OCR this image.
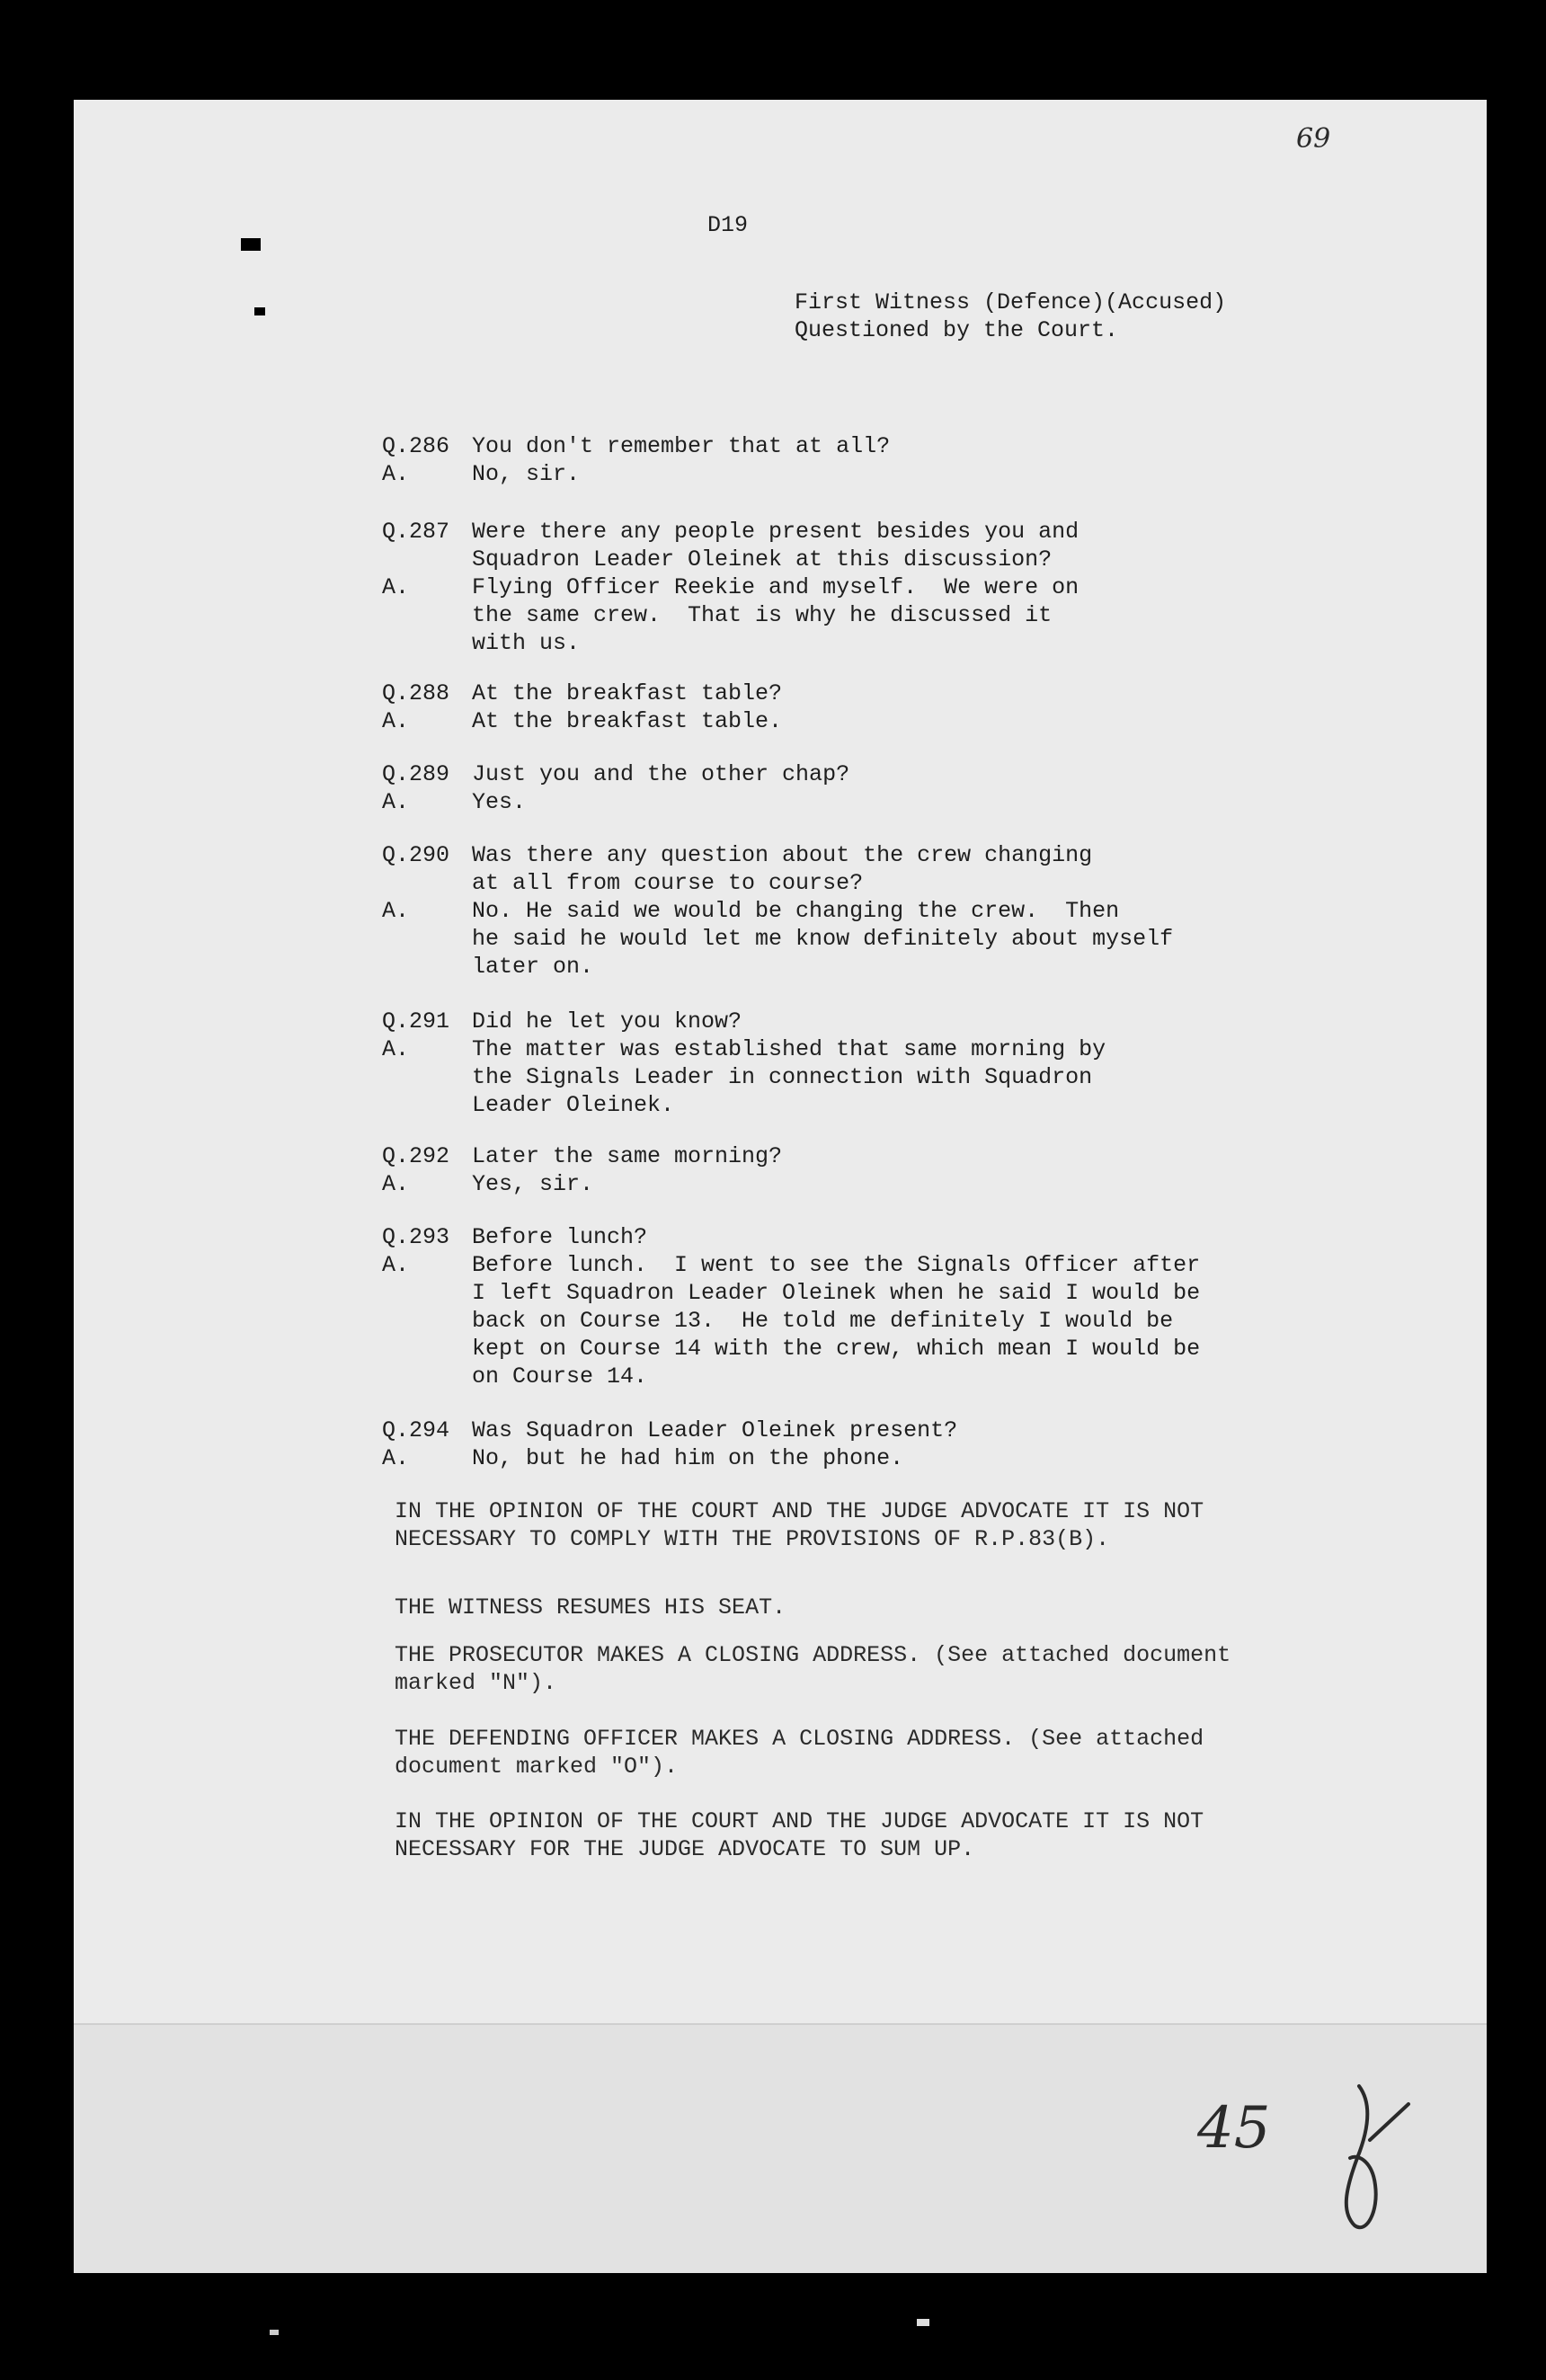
69
D19
First Witness (Defence)(Accused)
Questioned by the Court.
Q.286
A.
You don't remember that at all?
No, sir.
Q.287
A.
Were there any people present besides you and
Squadron Leader Oleinek at this discussion?
Flying Officer Reekie and myself.  We were on
the same crew.  That is why he discussed it
with us.
Q.288
A.
At the breakfast table?
At the breakfast table.
Q.289
A.
Just you and the other chap?
Yes.
Q.290
A.
Was there any question about the crew changing
at all from course to course?
No. He said we would be changing the crew.  Then
he said he would let me know definitely about myself
later on.
Q.291
A.
Did he let you know?
The matter was established that same morning by
the Signals Leader in connection with Squadron
Leader Oleinek.
Q.292
A.
Later the same morning?
Yes, sir.
Q.293
A.
Before lunch?
Before lunch.  I went to see the Signals Officer after
I left Squadron Leader Oleinek when he said I would be
back on Course 13.  He told me definitely I would be
kept on Course 14 with the crew, which mean I would be
on Course 14.
Q.294
A.
Was Squadron Leader Oleinek present?
No, but he had him on the phone.
IN THE OPINION OF THE COURT AND THE JUDGE ADVOCATE IT IS NOT
NECESSARY TO COMPLY WITH THE PROVISIONS OF R.P.83(B).
THE WITNESS RESUMES HIS SEAT.
THE PROSECUTOR MAKES A CLOSING ADDRESS. (See attached document
marked "N").
THE DEFENDING OFFICER MAKES A CLOSING ADDRESS. (See attached
document marked "O").
IN THE OPINION OF THE COURT AND THE JUDGE ADVOCATE IT IS NOT
NECESSARY FOR THE JUDGE ADVOCATE TO SUM UP.
45
